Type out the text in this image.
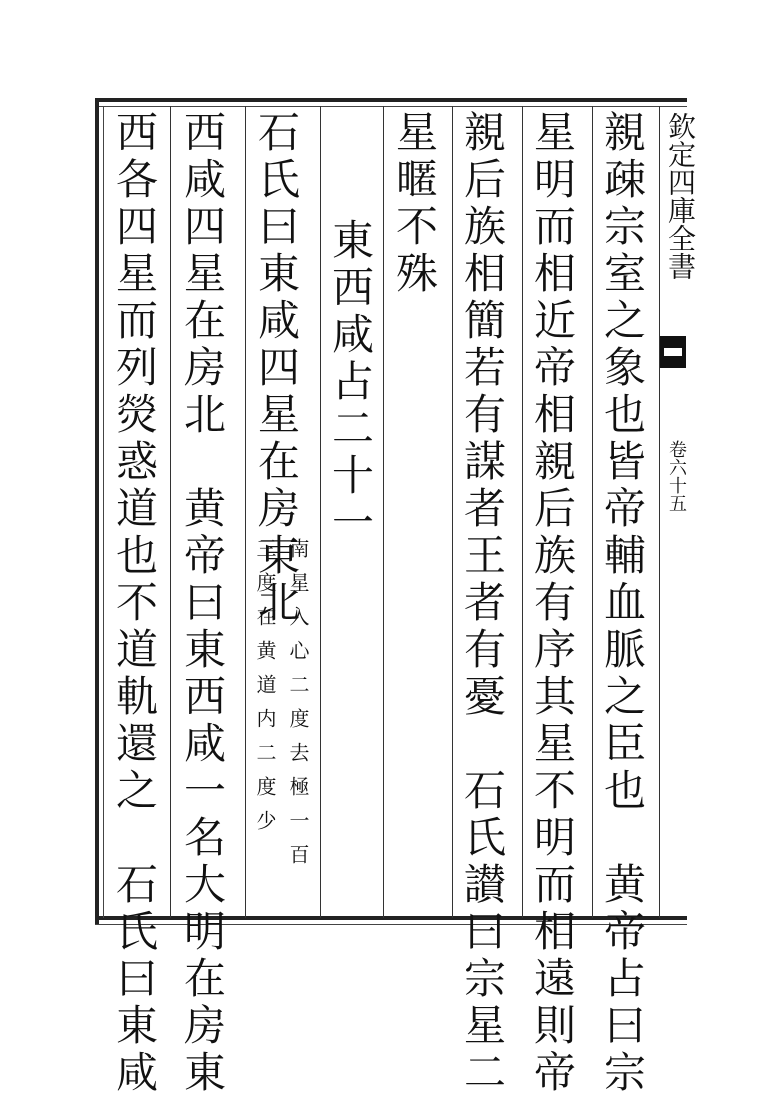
欽定四庫全書
卷六十五
親疎宗室之象也皆帝輔血脈之臣也　黄帝占曰宗
星明而相近帝相親后族有序其星不明而相遠則帝
親后族相簡若有謀者王者有憂　石氏讃曰宗星二
星暱不殊
東西咸占二十一
石氏曰東咸四星在房東北
南星入心二度去極一百
三度在黄道内二度少
西咸四星在房北　黄帝曰東西咸一名大明在房東
西各四星而列熒惑道也不道軌還之　石氏曰東咸
